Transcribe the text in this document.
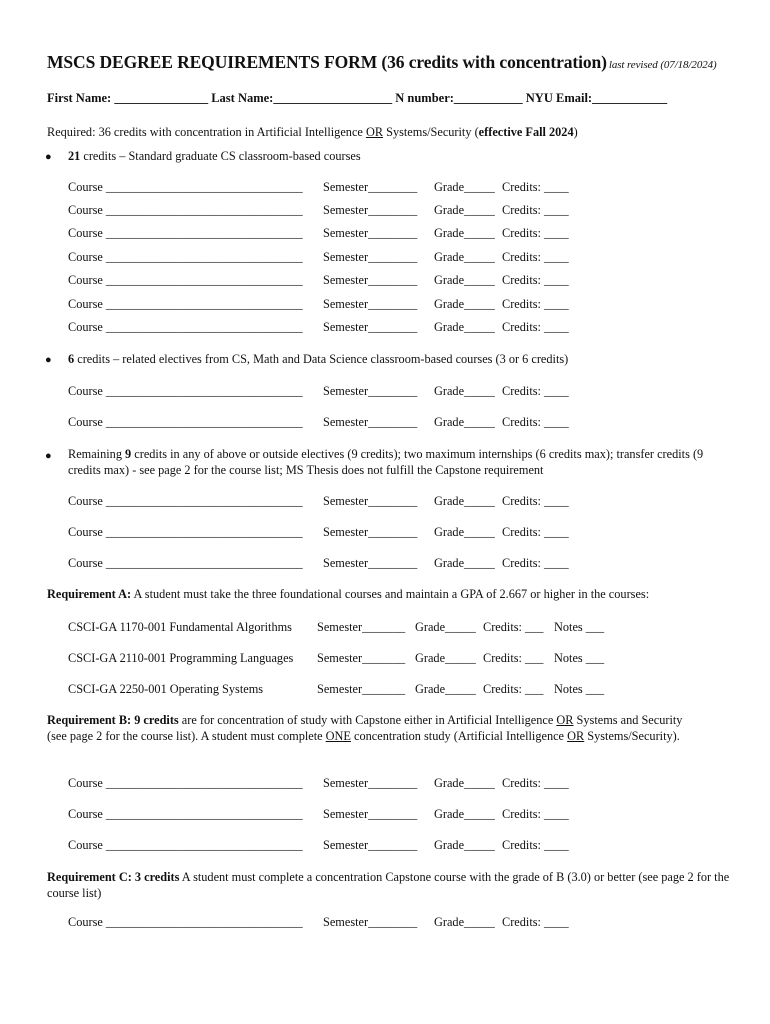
MSCS DEGREE REQUIREMENTS FORM (36 credits with concentration) last revised (07/18/2024)
First Name: _______________ Last Name:___________________ N number:___________ NYU Email:____________
Required: 36 credits with concentration in Artificial Intelligence OR Systems/Security (effective Fall 2024)
● 21 credits – Standard graduate CS classroom-based courses
● 6 credits – related electives from CS, Math and Data Science classroom-based courses (3 or 6 credits)
● Remaining 9 credits in any of above or outside electives (9 credits); two maximum internships (6 credits max); transfer credits (9 credits max) - see page 2 for the course list; MS Thesis does not fulfill the Capstone requirement
Requirement A: A student must take the three foundational courses and maintain a GPA of 2.667 or higher in the courses:
CSCI-GA 1170-001 Fundamental Algorithms Semester_______ Grade_____ Credits: ___ Notes ___
CSCI-GA 2110-001 Programming Languages Semester_______ Grade_____ Credits: ___ Notes ___
CSCI-GA 2250-001 Operating Systems	Semester_______ Grade_____ Credits: ___ Notes ___
Requirement B: 9 credits are for concentration of study with Capstone either in Artificial Intelligence OR Systems and Security (see page 2 for the course list). A student must complete ONE concentration study (Artificial Intelligence OR Systems/Security).
Requirement C: 3 credits A student must complete a concentration Capstone course with the grade of B (3.0) or better (see page 2 for the course list)
Course ________________________________ Semester________ Grade_____ Credits: ____
Course ________________________________ Semester________ Grade_____ Credits: ____
Course ________________________________ Semester________ Grade_____ Credits: ____
Course ________________________________ Semester________ Grade_____ Credits: ____
Course ________________________________ Semester________ Grade_____ Credits: ____
Course ________________________________ Semester________ Grade_____ Credits: ____
Course ________________________________ Semester________ Grade_____ Credits: ____
Course ________________________________ Semester________ Grade_____ Credits: ____
Course ________________________________ Semester________ Grade_____ Credits: ____
Course ________________________________ Semester________ Grade_____ Credits: ____
Course ________________________________ Semester________ Grade_____ Credits: ____
Course ________________________________ Semester________ Grade_____ Credits: ____
Course ________________________________ Semester________ Grade_____ Credits: ____
Course ________________________________ Semester________ Grade_____ Credits: ____
Course ________________________________ Semester________ Grade_____ Credits: ____
Course ________________________________ Semester________ Grade_____ Credits: ____
